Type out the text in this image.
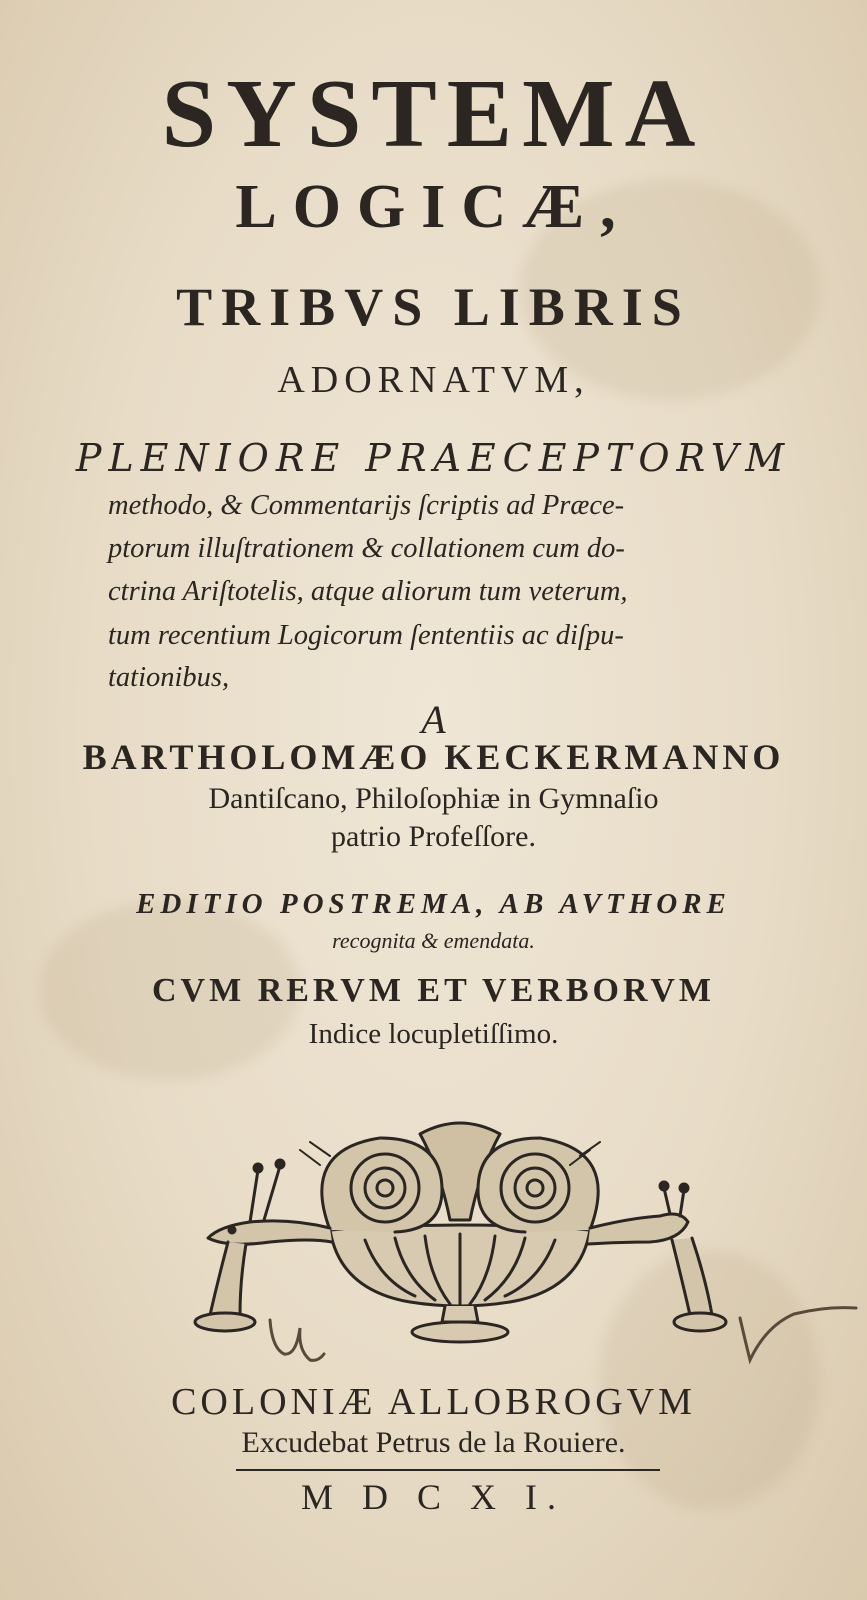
SYSTEMA
LOGICÆ,
TRIBVS LIBRIS
ADORNATVM,
PLENIORE PRAECEPTORVM
methodo, & Commentarijs ſcriptis ad Præce-
ptorum illuſtrationem & collationem cum do-
ctrina Ariſtotelis, atque aliorum tum veterum,
tum recentium Logicorum ſententiis ac diſpu-
tationibus,
A
BARTHOLOMÆO KECKERMANNO
Dantiſcano, Philoſophiæ in Gymnaſio
patrio Profeſſore.
EDITIO POSTREMA, AB AVTHORE
recognita & emendata.
CVM RERVM ET VERBORVM
Indice locupletiſſimo.
COLONIÆ ALLOBROGVM
Excudebat Petrus de la Rouiere.
M D C X I.
